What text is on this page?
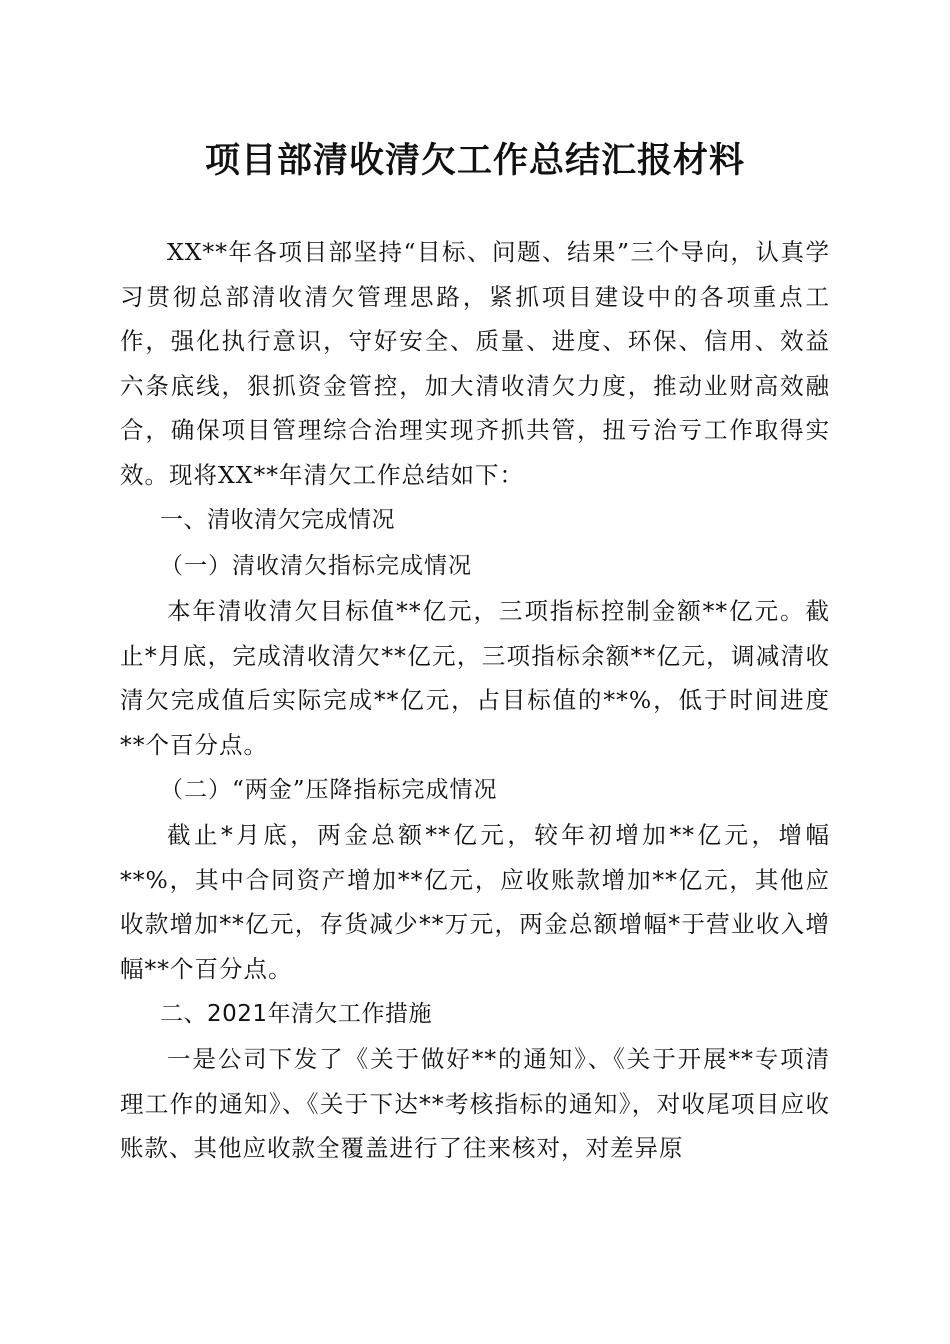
项目部清收清欠工作总结汇报材料

XX**年各项目部坚持“目标、问题、结果”三个导向，认真学习贯彻总部清收清欠管理思路，紧抓项目建设中的各项重点工作，强化执行意识，守好安全、质量、进度、环保、信用、效益六条底线，狠抓资金管控，加大清收清欠力度，推动业财高效融合，确保项目管理综合治理实现齐抓共管，扭亏治亏工作取得实效。现将XX**年清欠工作总结如下：

一、清收清欠完成情况

（一）清收清欠指标完成情况

本年清收清欠目标值**亿元，三项指标控制金额**亿元。截止*月底，完成清收清欠**亿元，三项指标余额**亿元，调减清收清欠完成值后实际完成**亿元，占目标值的**%，低于时间进度**个百分点。

（二）“两金”压降指标完成情况

截止*月底，两金总额**亿元，较年初增加**亿元，增幅**%，其中合同资产增加**亿元，应收账款增加**亿元，其他应收款增加**亿元，存货减少**万元，两金总额增幅*于营业收入增幅**个百分点。

二、2021年清欠工作措施

一是公司下发了《关于做好**的通知》、《关于开展**专项清理工作的通知》、《关于下达**考核指标的通知》，对收尾项目应收账款、其他应收款全覆盖进行了往来核对，对差异原
